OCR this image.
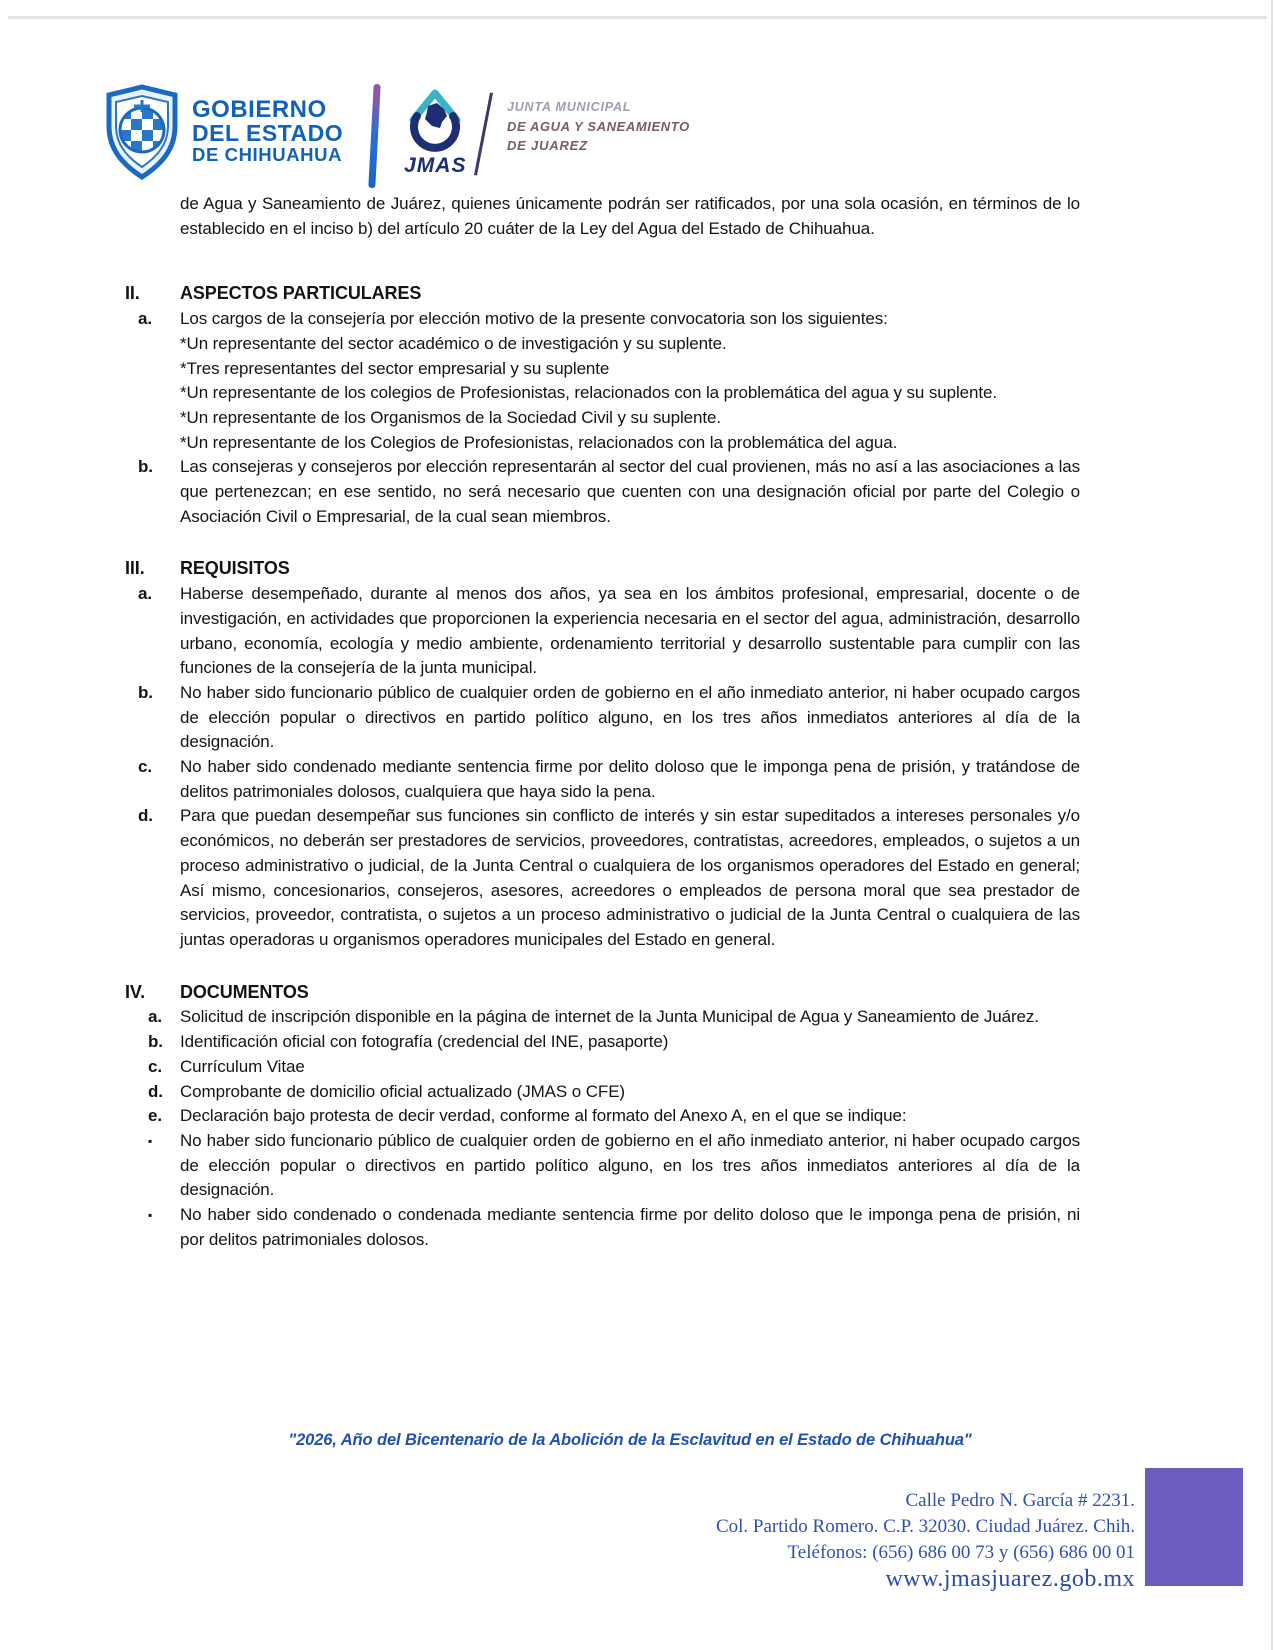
GOBIERNO
DEL ESTADO
DE CHIHUAHUA	JMAS
JUNTA MUNICIPAL
DE AGUA Y SANEAMIENTO
DE JUAREZ
de Agua y Saneamiento de Juárez, quienes únicamente podrán ser ratificados, por una sola ocasión, en términos de lo establecido en el inciso b) del artículo 20 cuáter de la Ley del Agua del Estado de Chihuahua.
II.	ASPECTOS PARTICULARES
a.	Los cargos de la consejería por elección motivo de la presente convocatoria son los siguientes:
*Un representante del sector académico o de investigación y su suplente.
*Tres representantes del sector empresarial y su suplente
*Un representante de los colegios de Profesionistas, relacionados con la problemática del agua y su suplente.
*Un representante de los Organismos de la Sociedad Civil y su suplente.
*Un representante de los Colegios de Profesionistas, relacionados con la problemática del agua.
b.	Las consejeras y consejeros por elección representarán al sector del cual provienen, más no así a las asociaciones a las que pertenezcan; en ese sentido, no será necesario que cuenten con una designación oficial por parte del Colegio o Asociación Civil o Empresarial, de la cual sean miembros.
III.	REQUISITOS
a.	Haberse desempeñado, durante al menos dos años, ya sea en los ámbitos profesional, empresarial, docente o de investigación, en actividades que proporcionen la experiencia necesaria en el sector del agua, administración, desarrollo urbano, economía, ecología y medio ambiente, ordenamiento territorial y desarrollo sustentable para cumplir con las funciones de la consejería de la junta municipal.
b.	No haber sido funcionario público de cualquier orden de gobierno en el año inmediato anterior, ni haber ocupado cargos de elección popular o directivos en partido político alguno, en los tres años inmediatos anteriores al día de la designación.
c.	No haber sido condenado mediante sentencia firme por delito doloso que le imponga pena de prisión, y tratándose de delitos patrimoniales dolosos, cualquiera que haya sido la pena.
d.	Para que puedan desempeñar sus funciones sin conflicto de interés y sin estar supeditados a intereses personales y/o económicos, no deberán ser prestadores de servicios, proveedores, contratistas, acreedores, empleados, o sujetos a un proceso administrativo o judicial, de la Junta Central o cualquiera de los organismos operadores del Estado en general; Así mismo, concesionarios, consejeros, asesores, acreedores o empleados de persona moral que sea prestador de servicios, proveedor, contratista, o sujetos a un proceso administrativo o judicial de la Junta Central o cualquiera de las juntas operadoras u organismos operadores municipales del Estado en general.
IV.	DOCUMENTOS
a.	Solicitud de inscripción disponible en la página de internet de la Junta Municipal de Agua y Saneamiento de Juárez.
b.	Identificación oficial con fotografía (credencial del INE, pasaporte)
c.	Currículum Vitae
d.	Comprobante de domicilio oficial actualizado (JMAS o CFE)
e.	Declaración bajo protesta de decir verdad, conforme al formato del Anexo A, en el que se indique:
▪	No haber sido funcionario público de cualquier orden de gobierno en el año inmediato anterior, ni haber ocupado cargos de elección popular o directivos en partido político alguno, en los tres años inmediatos anteriores al día de la designación.
▪	No haber sido condenado o condenada mediante sentencia firme por delito doloso que le imponga pena de prisión, ni por delitos patrimoniales dolosos.
"2026, Año del Bicentenario de la Abolición de la Esclavitud en el Estado de Chihuahua"
Calle Pedro N. García # 2231.
Col. Partido Romero. C.P. 32030. Ciudad Juárez. Chih.
Teléfonos: (656) 686 00 73 y (656) 686 00 01
www.jmasjuarez.gob.mx
